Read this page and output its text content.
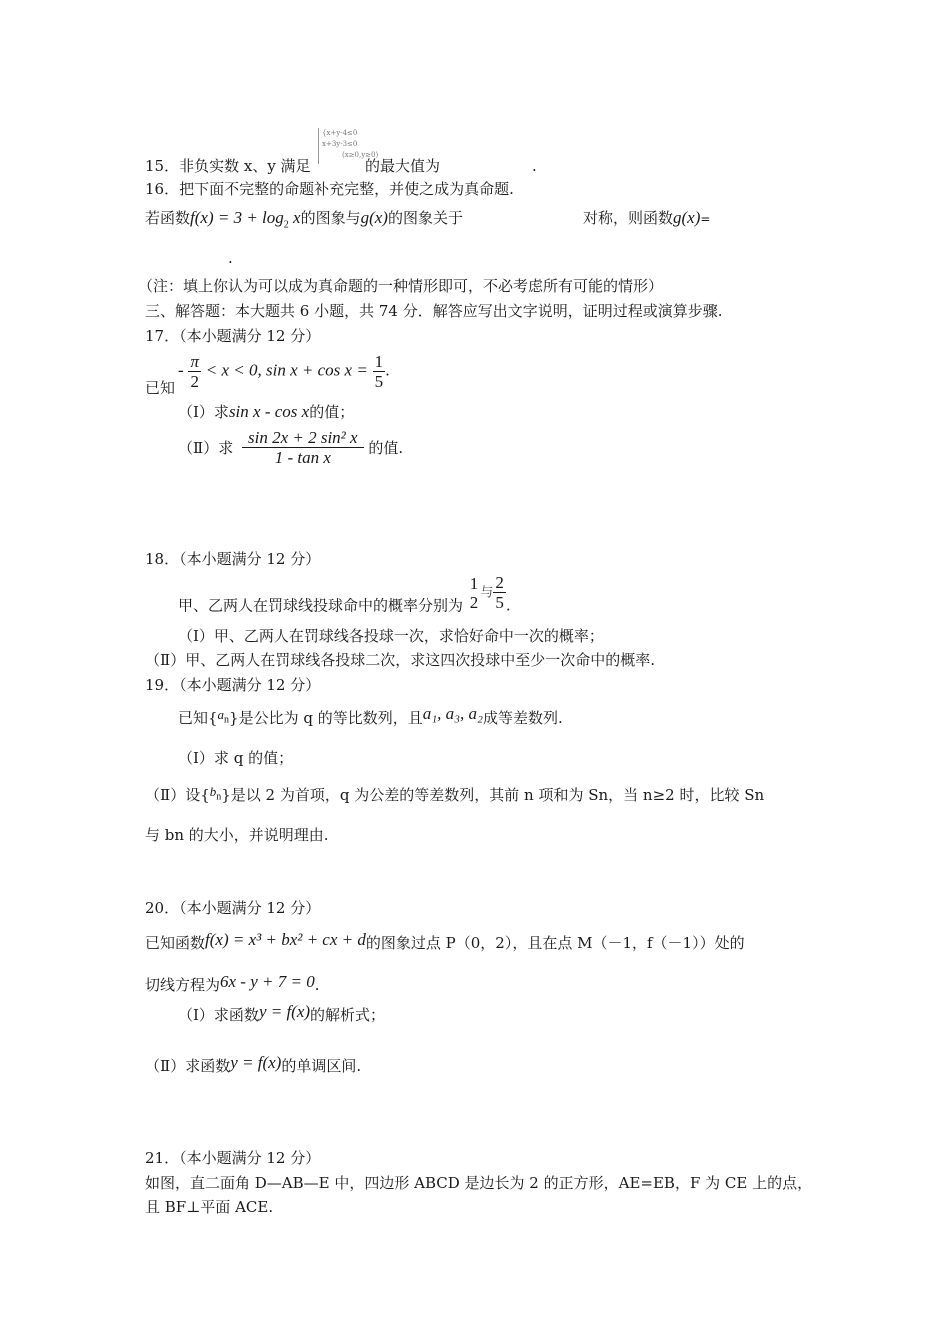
15．非负实数 x、y 满足
{x+y-4≤0
x+3y-3≤0
(x≥0,y≥0)
的最大值为	.
16．把下面不完整的命题补充完整，并使之成为真命题.
若函数$f(x) = 3 + \log_2 x$的图象与g(x)的图象关于	对称，则函数g(x)=
.
（注：填上你认为可以成为真命题的一种情形即可，不必考虑所有可能的情形）
三、解答题：本大题共 6 小题，共 74 分．解答应写出文字说明，证明过程或演算步骤.
17．（本小题满分 12 分）
已知
- $\frac{\pi}{2} < x < 0$, $\sin x + \cos x = \frac{1}{5}$ .
（Ⅰ）求sin x - cos x的值；
（Ⅱ）求 $\frac{\text{sin 2x + 2 sin² x}}{\text{1 - tan x}}$ 的值.
18．（本小题满分 12 分）
甲、乙两人在罚球线投球命中的概率分别为
1
2 与 $\frac{2}{5}$ .
（Ⅰ）甲、乙两人在罚球线各投球一次，求恰好命中一次的概率；
（Ⅱ）甲、乙两人在罚球线各投球二次，求这四次投球中至少一次命中的概率.
19．（本小题满分 12 分）
已知$\{a_n\}$是公比为 q 的等比数列，且a₁, a₃, a₂成等差数列.
（Ⅰ）求 q 的值；
（Ⅱ）设$\{b_n\}$是以 2 为首项，q 为公差的等差数列，其前 n 项和为 Sn，当 n≥2 时，比较 Sn
与 bn 的大小，并说明理由.
20．（本小题满分 12 分）
已知函数f(x) = x³ + bx² + cx + d的图象过点 P（0，2），且在点 M（－1，f（－1））处的
切线方程为6x - y + 7 = 0.
（Ⅰ）求函数y = f(x)的解析式；
（Ⅱ）求函数y = f(x)的单调区间.
21．（本小题满分 12 分）
如图，直二面角 D—AB—E 中，四边形 ABCD 是边长为 2 的正方形，AE=EB，F 为 CE 上的点，
且 BF⊥平面 ACE.
